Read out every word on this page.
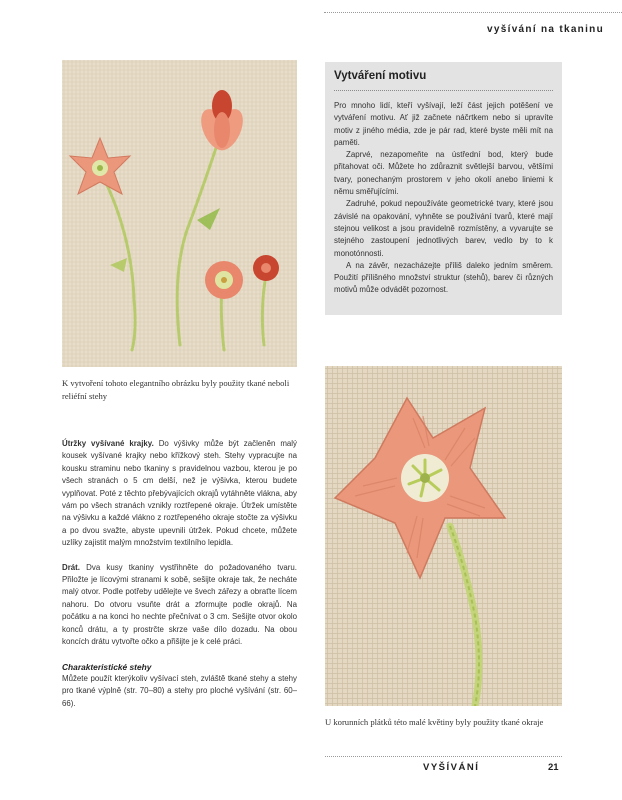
vyšívání na tkaninu
K vytvoření tohoto elegantního obrázku byly použity tkané neboli reliéfní stehy
Vytváření motivu

Pro mnoho lidí, kteří vyšívají, leží část jejich potěšení ve vytváření motivu. Ať již začnete náčrtkem nebo si upravíte motiv z jiného média, zde je pár rad, které byste měli mít na paměti.

Zaprvé, nezapomeňte na ústřední bod, který bude přitahovat oči. Můžete ho zdůraznit světlejší barvou, většími tvary, ponechaným prostorem v jeho okolí anebo liniemi k němu směřujícími.

Zadruhé, pokud nepoužíváte geometrické tvary, které jsou závislé na opakování, vyhněte se používání tvarů, které mají stejnou velikost a jsou pravidelně rozmístěny, a vyvarujte se stejného zastoupení jednotlivých barev, vedlo by to k monotónnosti.

A na závěr, nezacházejte příliš daleko jedním směrem. Použití přílišného množství struktur (stehů), barev či různých motivů může odvádět pozornost.

U korunních plátků této malé květiny byly použity tkané okraje

Útržky vyšívané krajky. Do výšivky může být začleněn malý kousek vyšívané krajky nebo křížkový steh. Stehy vypracujte na kousku straminu nebo tkaniny s pravidelnou vazbou, kterou je po všech stranách o 5 cm delší, než je výšivka, kterou budete vyplňovat. Poté z těchto přebývajících okrajů vytáhněte vlákna, aby vám po všech stranách vznikly roztřepené okraje. Útržek umístěte na výšivku a každé vlákno z roztřepeného okraje stočte za výšivku a po dvou svažte, abyste upevnili útržek. Pokud chcete, můžete uzlíky zajistit malým množstvím textilního lepidla.

Drát. Dva kusy tkaniny vystřihněte do požadovaného tvaru. Přiložte je lícovými stranami k sobě, sešijte okraje tak, že necháte malý otvor. Podle potřeby udělejte ve švech zářezy a obraťte lícem nahoru. Do otvoru vsuňte drát a zformujte podle okrajů. Na počátku a na konci ho nechte přečnívat o 3 cm. Sešijte otvor okolo konců drátu, a ty prostrčte skrze vaše dílo dozadu. Na obou koncích drátu vytvořte očko a přišijte je k celé práci.

Charakteristické stehy

Můžete použít kterýkoliv vyšívací steh, zvláště tkané stehy a stehy pro tkané výplně (str. 70–80) a stehy pro ploché vyšívání (str. 60–66).

VYŠÍVÁNÍ	21
